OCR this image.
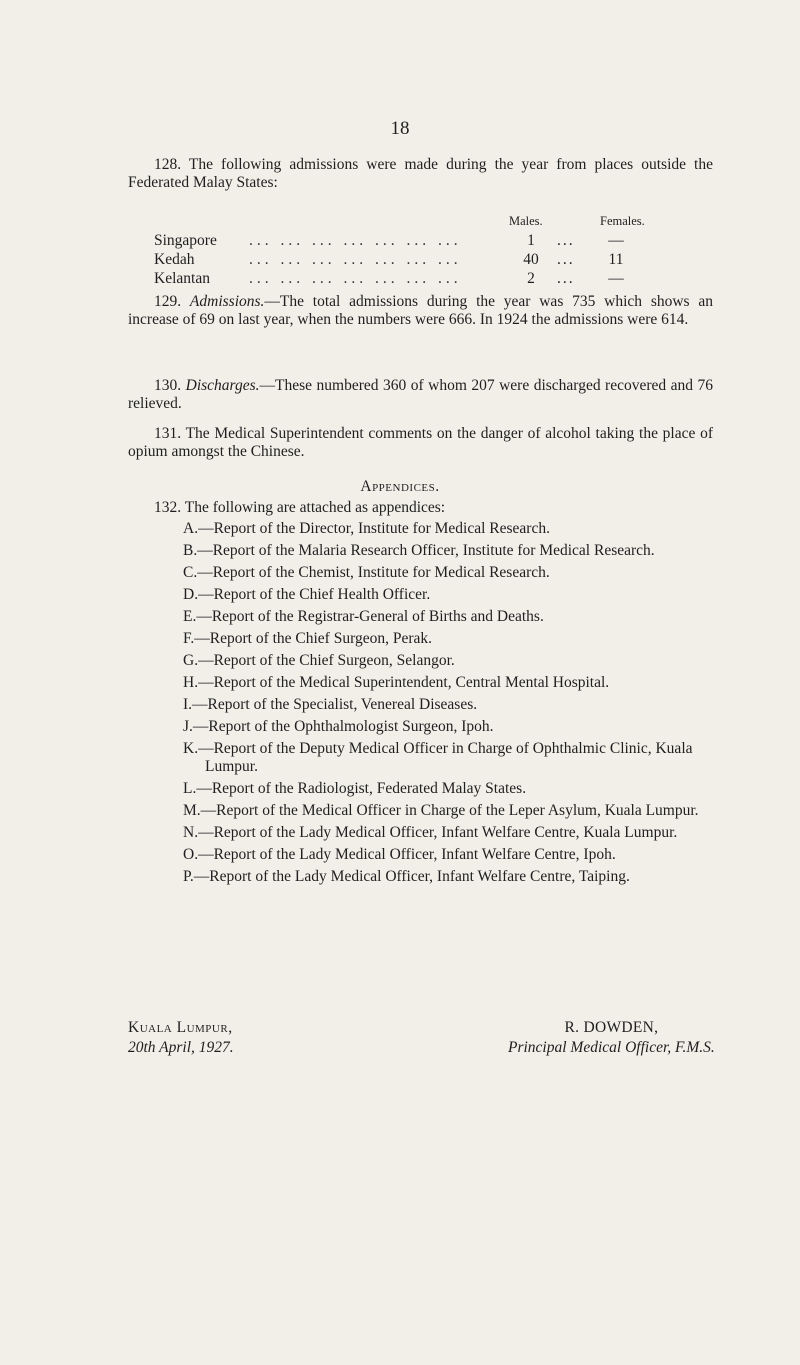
18
128. The following admissions were made during the year from places outside the Federated Malay States:
Males.	Females.
... ... ... ... ... ... ...
Singapore	1	...	—
... ... ... ... ... ... ...
Kedah	40 ...	11
... ... ... ... ... ... ...
Kelantan	2	...	—
129. Admissions.—The total admissions during the year was 735 which shows an increase of 69 on last year, when the numbers were 666. In 1924 the admissions were 614.
130. Discharges.—These numbered 360 of whom 207 were discharged recovered and 76 relieved.
131. The Medical Superintendent comments on the danger of alcohol taking the place of opium amongst the Chinese.
Appendices.
132. The following are attached as appendices:
A.—Report of the Director, Institute for Medical Research.
B.—Report of the Malaria Research Officer, Institute for Medical Research.
C.—Report of the Chemist, Institute for Medical Research.
D.—Report of the Chief Health Officer.
E.—Report of the Registrar-General of Births and Deaths.
F.—Report of the Chief Surgeon, Perak.
G.—Report of the Chief Surgeon, Selangor.
H.—Report of the Medical Superintendent, Central Mental Hospital.
I.—Report of the Specialist, Venereal Diseases.
J.—Report of the Ophthalmologist Surgeon, Ipoh.
K.—Report of the Deputy Medical Officer in Charge of Ophthalmic Clinic, Kuala Lumpur.
L.—Report of the Radiologist, Federated Malay States.
M.—Report of the Medical Officer in Charge of the Leper Asylum, Kuala Lumpur.
N.—Report of the Lady Medical Officer, Infant Welfare Centre, Kuala Lumpur.
O.—Report of the Lady Medical Officer, Infant Welfare Centre, Ipoh.
P.—Report of the Lady Medical Officer, Infant Welfare Centre, Taiping.
Kuala Lumpur,
20th April, 1927.
R. DOWDEN,
Principal Medical Officer, F.M.S.
